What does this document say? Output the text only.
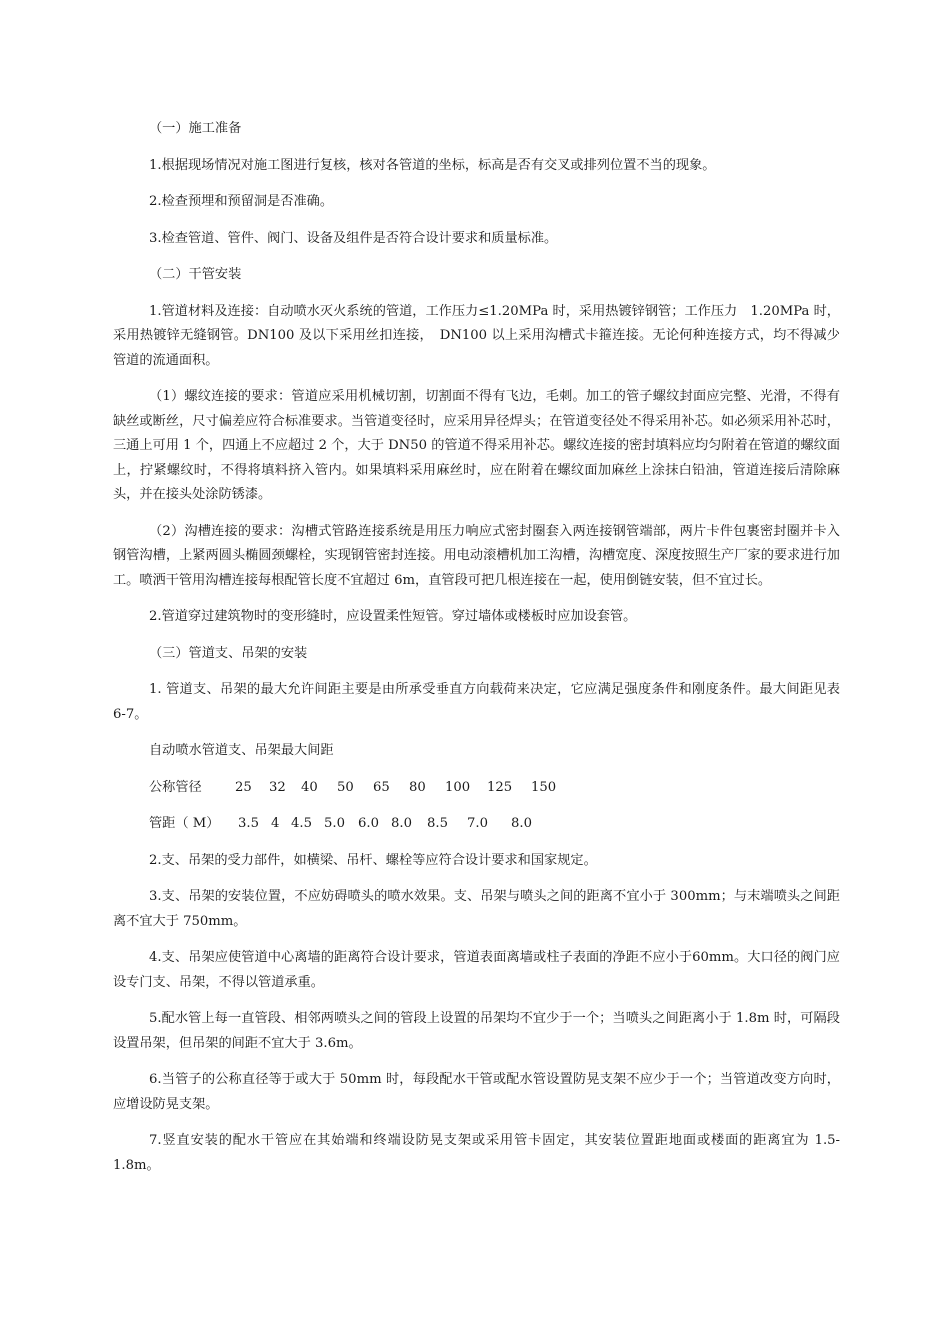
（一）施工准备

1.根据现场情况对施工图进行复核，核对各管道的坐标，标高是否有交叉或排列位置不当的现象。

2.检查预埋和预留洞是否准确。

3.检查管道、管件、阀门、设备及组件是否符合设计要求和质量标准。

（二）干管安装

1.管道材料及连接：自动喷水灭火系统的管道，工作压力≤1.20MPa 时，采用热镀锌钢管；工作压力　1.20MPa 时，采用热镀锌无缝钢管。DN100 及以下采用丝扣连接，　DN100 以上采用沟槽式卡箍连接。无论何种连接方式，均不得减少管道的流通面积。

（1）螺纹连接的要求：管道应采用机械切割，切割面不得有飞边，毛刺。加工的管子螺纹封面应完整、光滑，不得有缺丝或断丝，尺寸偏差应符合标准要求。当管道变径时，应采用异径焊头；在管道变径处不得采用补芯。如必须采用补芯时，三通上可用 1 个，四通上不应超过 2 个，大于 DN50 的管道不得采用补芯。螺纹连接的密封填料应均匀附着在管道的螺纹面上，拧紧螺纹时，不得将填料挤入管内。如果填料采用麻丝时，应在附着在螺纹面加麻丝上涂抹白铅油，管道连接后清除麻头，并在接头处涂防锈漆。

（2）沟槽连接的要求：沟槽式管路连接系统是用压力响应式密封圈套入两连接钢管端部，两片卡件包裹密封圈并卡入钢管沟槽，上紧两圆头椭圆颈螺栓，实现钢管密封连接。用电动滚槽机加工沟槽，沟槽宽度、深度按照生产厂家的要求进行加工。喷洒干管用沟槽连接每根配管长度不宜超过 6m，直管段可把几根连接在一起，使用倒链安装，但不宜过长。

2.管道穿过建筑物时的变形缝时，应设置柔性短管。穿过墙体或楼板时应加设套管。

（三）管道支、吊架的安装

1. 管道支、吊架的最大允许间距主要是由所承受垂直方向载荷来决定，它应满足强度条件和刚度条件。最大间距见表 6-7。

自动喷水管道支、吊架最大间距

公称管径	25 32 40 50 65 80 100 125 150
管距（ M） 3.5 4 4.5 5.0 6.0 8.0 8.5 7.0 8.0

2.支、吊架的受力部件，如横梁、吊杆、螺栓等应符合设计要求和国家规定。

3.支、吊架的安装位置，不应妨碍喷头的喷水效果。支、吊架与喷头之间的距离不宜小于 300mm；与末端喷头之间距离不宜大于 750mm。

4.支、吊架应使管道中心离墙的距离符合设计要求，管道表面离墙或柱子表面的净距不应小于60mm。大口径的阀门应设专门支、吊架，不得以管道承重。

5.配水管上每一直管段、相邻两喷头之间的管段上设置的吊架均不宜少于一个；当喷头之间距离小于 1.8m 时，可隔段设置吊架，但吊架的间距不宜大于 3.6m。

6.当管子的公称直径等于或大于 50mm 时，每段配水干管或配水管设置防晃支架不应少于一个；当管道改变方向时，应增设防晃支架。

7.竖直安装的配水干管应在其始端和终端设防晃支架或采用管卡固定，其安装位置距地面或楼面的距离宜为 1.5-1.8m。
